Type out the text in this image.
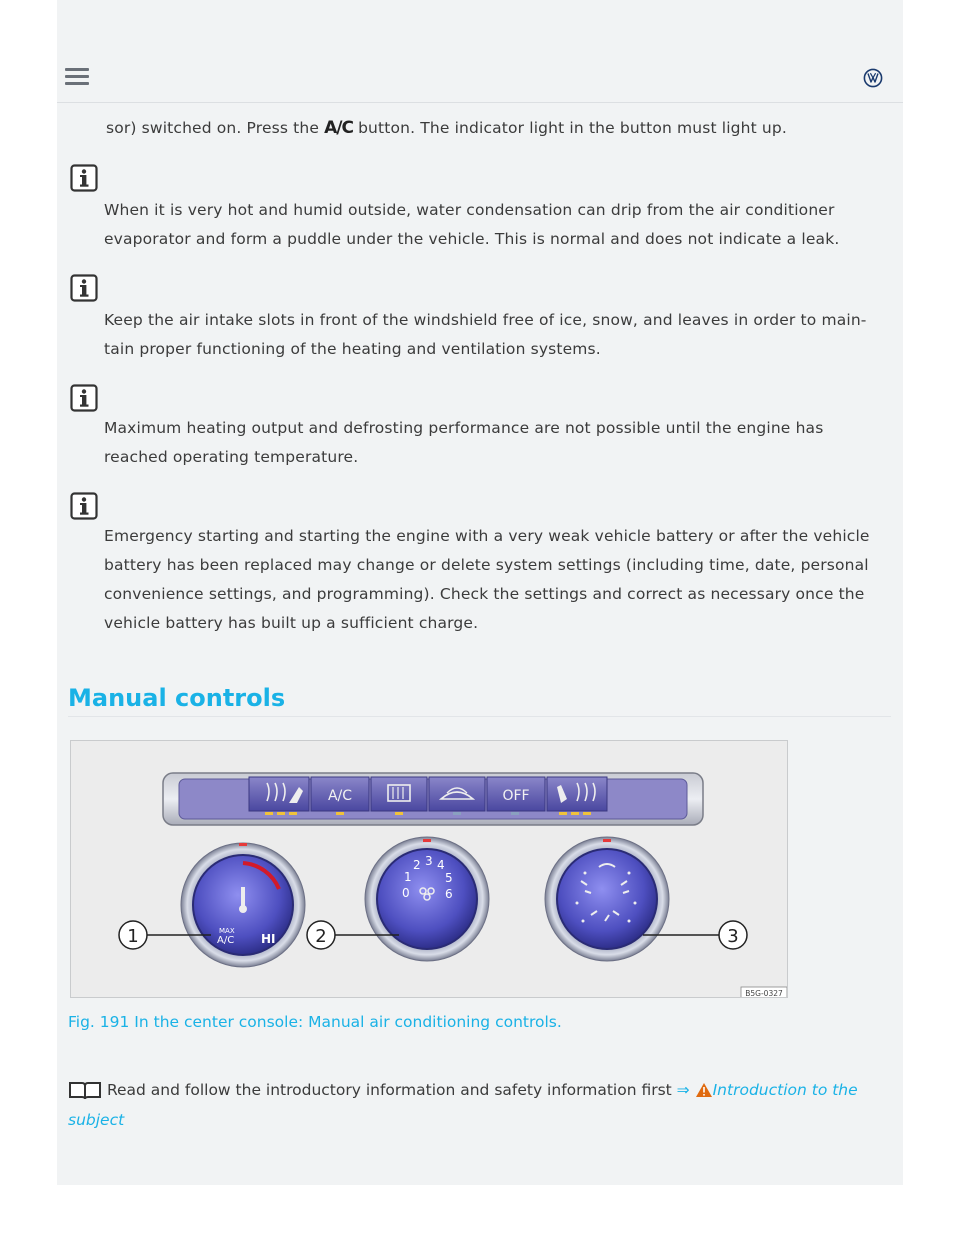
sor) switched on. Press the A/C button. The indicator light in the button must light up.

When it is very hot and humid outside, water condensation can drip from the air conditioner
evaporator and form a puddle under the vehicle. This is normal and does not indicate a leak.

Keep the air intake slots in front of the windshield free of ice, snow, and leaves in order to main-
tain proper functioning of the heating and ventilation systems.

Maximum heating output and defrosting performance are not possible until the engine has
reached operating temperature.

Emergency starting and starting the engine with a very weak vehicle battery or after the vehicle
battery has been replaced may change or delete system settings (including time, date, personal
convenience settings, and programming). Check the settings and correct as necessary once the
vehicle battery has built up a sufficient charge.

Manual controls
A/C	OFF
MAX
A/C HI
0
1
2 3 4
5
6
1	2	3
B5G-0327
Fig. 191 In the center console: Manual air conditioning controls.
Read and follow the introductory information and safety information first ⇒ Introduction to the subject
